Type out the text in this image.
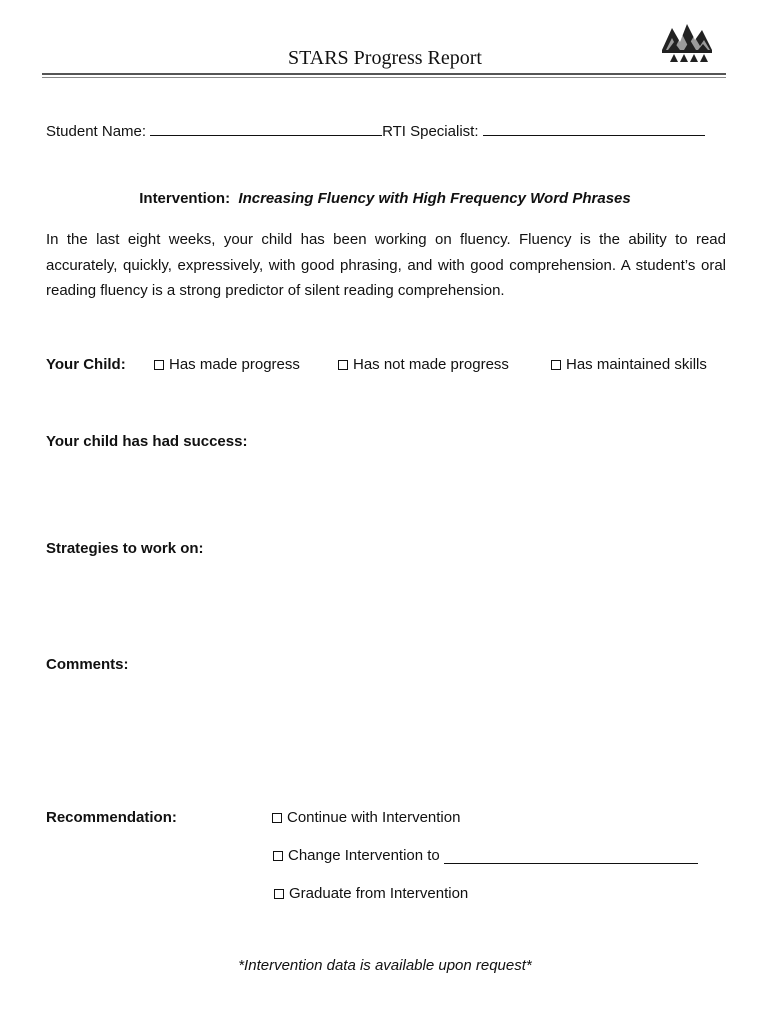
STARS Progress Report
Student Name:	RTI Specialist:
Intervention: Increasing Fluency with High Frequency Word Phrases
In the last eight weeks, your child has been working on fluency. Fluency is the ability to read accurately, quickly, expressively, with good phrasing, and with good comprehension. A student’s oral reading fluency is a strong predictor of silent reading comprehension.
Your Child:	Has made progress	Has not made progress	Has maintained skills
Your child has had success:
Strategies to work on:
Comments:
Recommendation:	Continue with Intervention
Change Intervention to
Graduate from Intervention
*Intervention data is available upon request*
